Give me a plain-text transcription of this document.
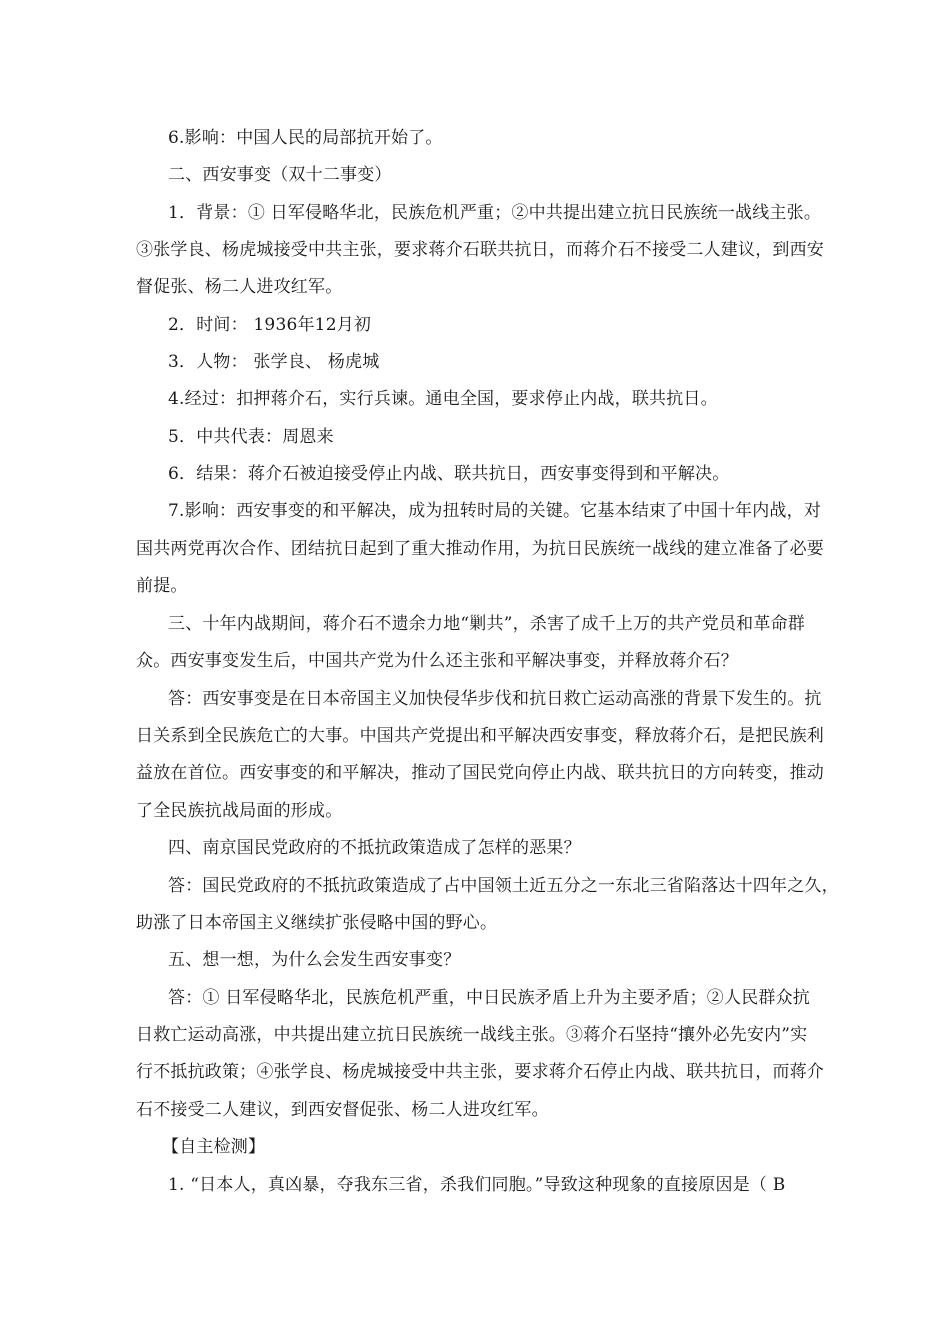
6.影响：中国人民的局部抗开始了。
二、西安事变（双十二事变）
1．背景：① 日军侵略华北，民族危机严重；②中共提出建立抗日民族统一战线主张。
③张学良、杨虎城接受中共主张，要求蒋介石联共抗日，而蒋介石不接受二人建议，到西安
督促张、杨二人进攻红军。
2．时间： 1936年12月初
3．人物： 张学良、 杨虎城
4.经过：扣押蒋介石，实行兵谏。通电全国，要求停止内战，联共抗日。
5．中共代表：周恩来
6．结果：蒋介石被迫接受停止内战、联共抗日，西安事变得到和平解决。
7.影响：西安事变的和平解决，成为扭转时局的关键。它基本结束了中国十年内战，对
国共两党再次合作、团结抗日起到了重大推动作用，为抗日民族统一战线的建立准备了必要
前提。
三、十年内战期间，蒋介石不遗余力地“剿共”，杀害了成千上万的共产党员和革命群
众。西安事变发生后，中国共产党为什么还主张和平解决事变，并释放蒋介石？
答：西安事变是在日本帝国主义加快侵华步伐和抗日救亡运动高涨的背景下发生的。抗
日关系到全民族危亡的大事。中国共产党提出和平解决西安事变，释放蒋介石，是把民族利
益放在首位。西安事变的和平解决，推动了国民党向停止内战、联共抗日的方向转变，推动
了全民族抗战局面的形成。
四、南京国民党政府的不抵抗政策造成了怎样的恶果？
答：国民党政府的不抵抗政策造成了占中国领土近五分之一东北三省陷落达十四年之久，
助涨了日本帝国主义继续扩张侵略中国的野心。
五、想一想，为什么会发生西安事变？
答：① 日军侵略华北，民族危机严重，中日民族矛盾上升为主要矛盾；②人民群众抗
日救亡运动高涨，中共提出建立抗日民族统一战线主张。③蒋介石坚持“攘外必先安内”实
行不抵抗政策；④张学良、杨虎城接受中共主张，要求蒋介石停止内战、联共抗日，而蒋介
石不接受二人建议，到西安督促张、杨二人进攻红军。
【自主检测】
1. “日本人，真凶暴，夺我东三省，杀我们同胞。”导致这种现象的直接原因是（ B
